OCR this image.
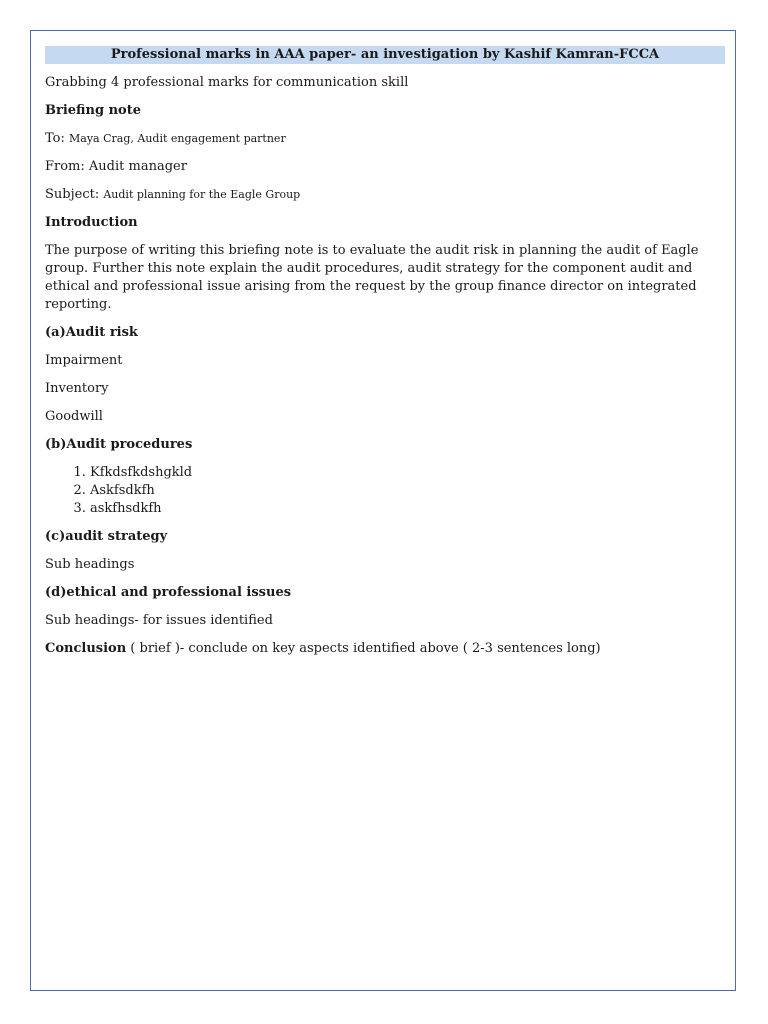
Professional marks in AAA paper- an investigation by Kashif Kamran-FCCA
Grabbing 4 professional marks for communication skill
Briefing note
To: Maya Crag, Audit engagement partner
From: Audit manager
Subject: Audit planning for the Eagle Group
Introduction
The purpose of writing this briefing note is to evaluate the audit risk in planning the audit of Eagle group. Further this note explain the audit procedures, audit strategy for the component audit and ethical and professional issue arising from the request by the group finance director on integrated reporting.
(a)Audit risk
Impairment
Inventory
Goodwill
(b)Audit procedures
1. Kfkdsfkdshgkld
2. Askfsdkfh
3. askfhsdkfh
(c)audit strategy
Sub headings
(d)ethical and professional issues
Sub headings- for issues identified
Conclusion ( brief )- conclude on key aspects identified above ( 2-3 sentences long)
